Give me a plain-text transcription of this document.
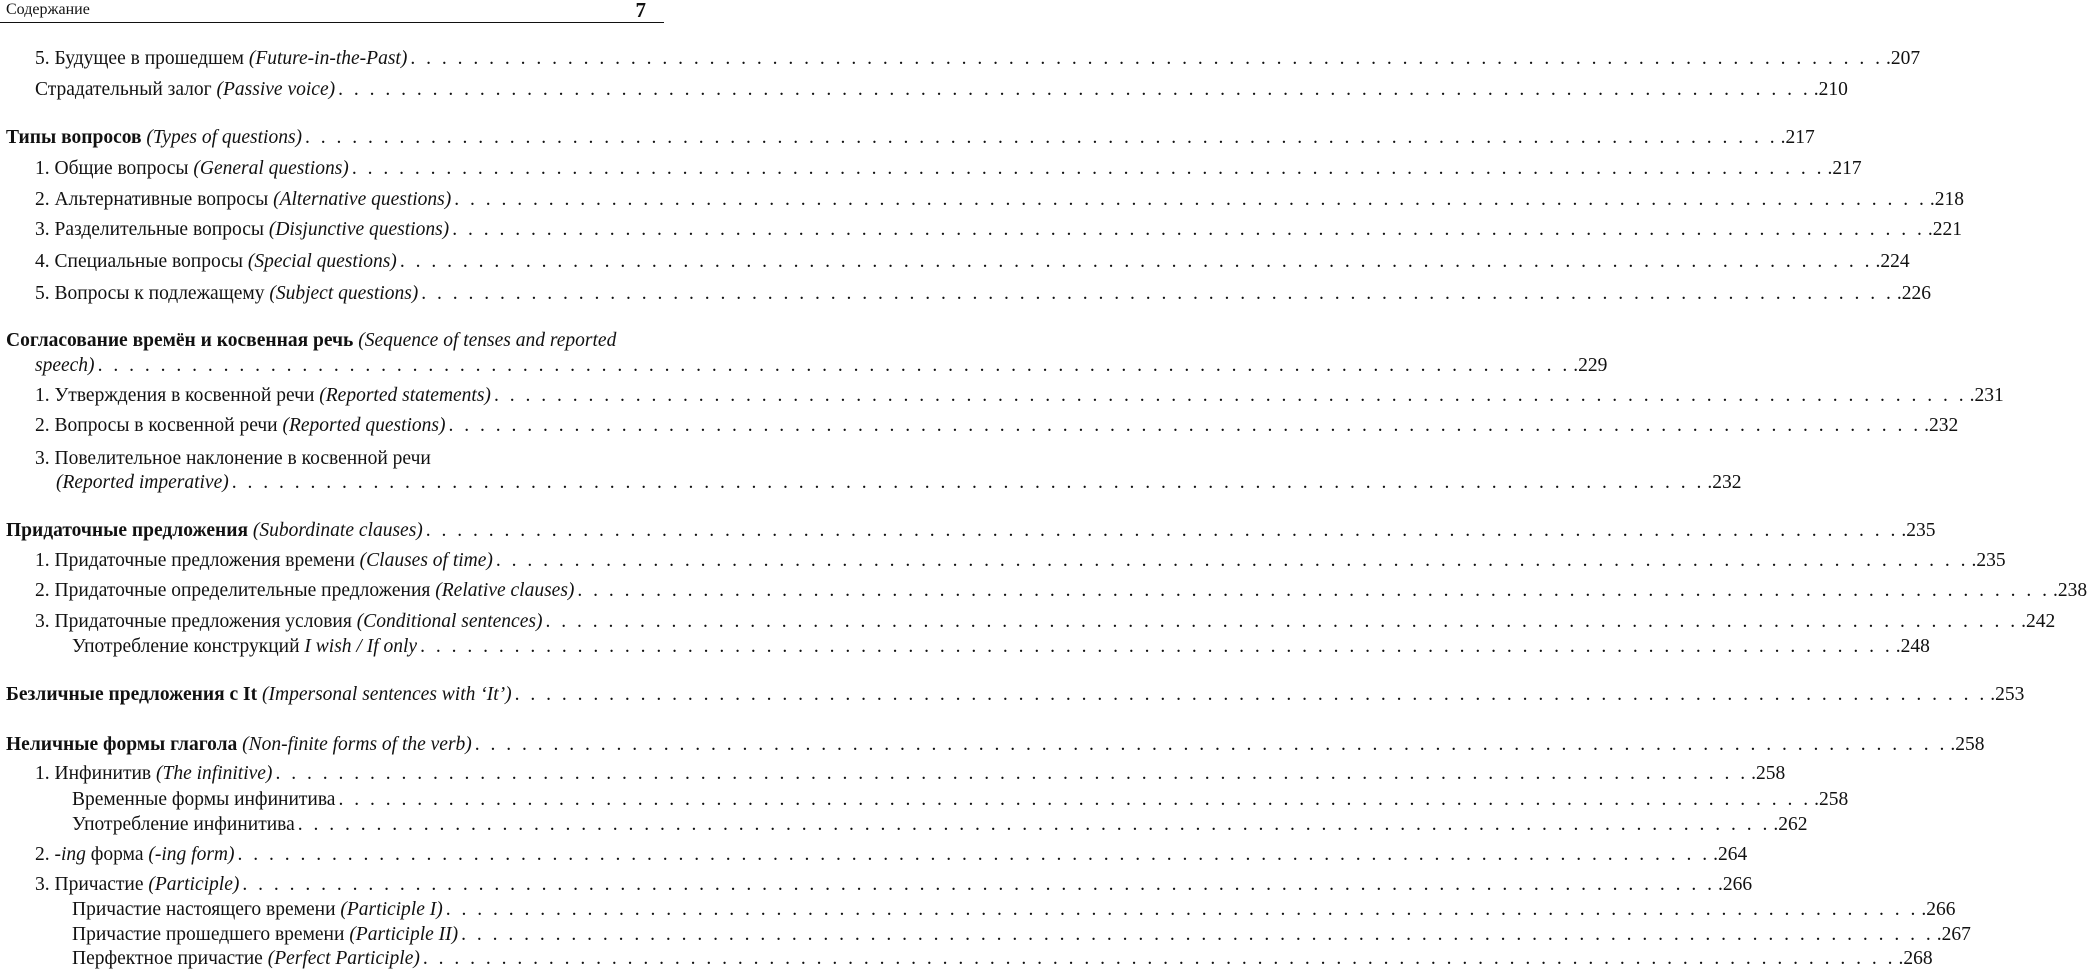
Содержание	7
5. Будущее в прошедшем (Future-in-the-Past) . . .	.207
Страдательный залог (Passive voice) . . .	.210
Типы вопросов (Types of questions) . . .	.217
1. Общие вопросы (General questions) . . .	.217
2. Альтернативные вопросы (Alternative questions) . . .	.218
3. Разделительные вопросы (Disjunctive questions) . . .	.221
4. Специальные вопросы (Special questions) . . .	.224
5. Вопросы к подлежащему (Subject questions) . . .	.226
Согласование времён и косвенная речь (Sequence of tenses and reported
speech) . . .	.229
1. Утверждения в косвенной речи (Reported statements) . . .	.231
2. Вопросы в косвенной речи (Reported questions) . . .	.232
3. Повелительное наклонение в косвенной речи
(Reported imperative) . . .	.232
Придаточные предложения (Subordinate clauses) . . .	.235
1. Придаточные предложения времени (Clauses of time) . . .	.235
2. Придаточные определительные предложения (Relative clauses) . . .	.238
3. Придаточные предложения условия (Conditional sentences) . . .	.242
Употребление конструкций I wish / If only . . .	.248
Безличные предложения с It (Impersonal sentences with ‘It’) . . .	.253
Неличные формы глагола (Non-finite forms of the verb) . . .	.258
1. Инфинитив (The infinitive) . . .	.258
Временные формы инфинитива . . .	.258
Употребление инфинитива . . .	.262
2. -ing форма (-ing form) . . .	.264
3. Причастие (Participle) . . .	.266
Причастие настоящего времени (Participle I) . . .	.266
Причастие прошедшего времени (Participle II) . . .	.267
Перфектное причастие (Perfect Participle) . . .	.268
